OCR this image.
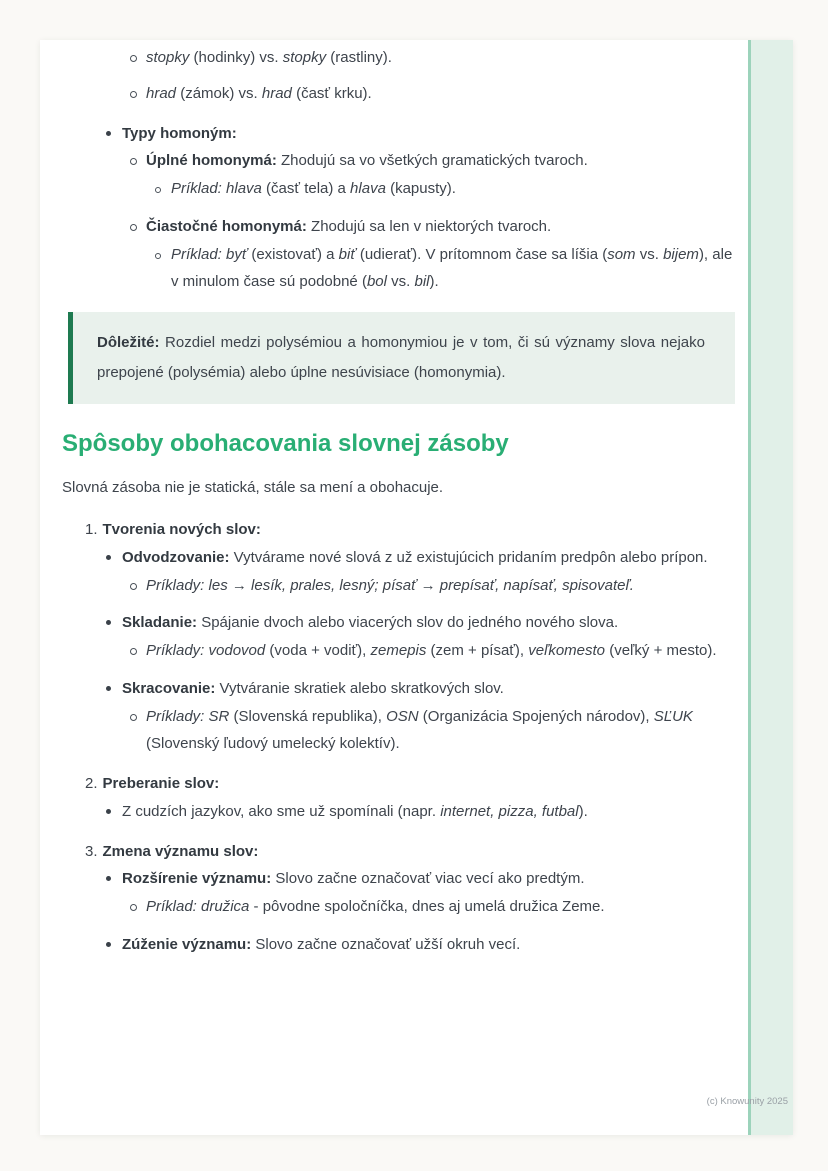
stopky (hodinky) vs. stopky (rastliny).
hrad (zámok) vs. hrad (časť krku).
Typy homoným:
Úplné homonymá: Zhodujú sa vo všetkých gramatických tvaroch.
Príklad: hlava (časť tela) a hlava (kapusty).
Čiastočné homonymá: Zhodujú sa len v niektorých tvaroch.
Príklad: byť (existovať) a biť (udierať). V prítomnom čase sa líšia (som vs. bijem), ale v minulom čase sú podobné (bol vs. bil).

Dôležité: Rozdiel medzi polysémiou a homonymiou je v tom, či sú významy slova nejako prepojené (polysémia) alebo úplne nesúvisiace (homonymia).

Spôsoby obohacovania slovnej zásoby

Slovná zásoba nie je statická, stále sa mení a obohacuje.

1. Tvorenia nových slov:
Odvodzovanie: Vytvárame nové slová z už existujúcich pridaním predpôn alebo prípon.
Príklady: les → lesík, prales, lesný; písať → prepísať, napísať, spisovateľ.
Skladanie: Spájanie dvoch alebo viacerých slov do jedného nového slova.
Príklady: vodovod (voda + vodiť), zemepis (zem + písať), veľkomesto (veľký + mesto).
Skracovanie: Vytváranie skratiek alebo skratkových slov.
Príklady: SR (Slovenská republika), OSN (Organizácia Spojených národov), SĽUK (Slovenský ľudový umelecký kolektív).
2. Preberanie slov:
Z cudzích jazykov, ako sme už spomínali (napr. internet, pizza, futbal).
3. Zmena významu slov:
Rozšírenie významu: Slovo začne označovať viac vecí ako predtým.
Príklad: družica - pôvodne spoločníčka, dnes aj umelá družica Zeme.
Zúženie významu: Slovo začne označovať užší okruh vecí.
(c) Knowunity 2025
